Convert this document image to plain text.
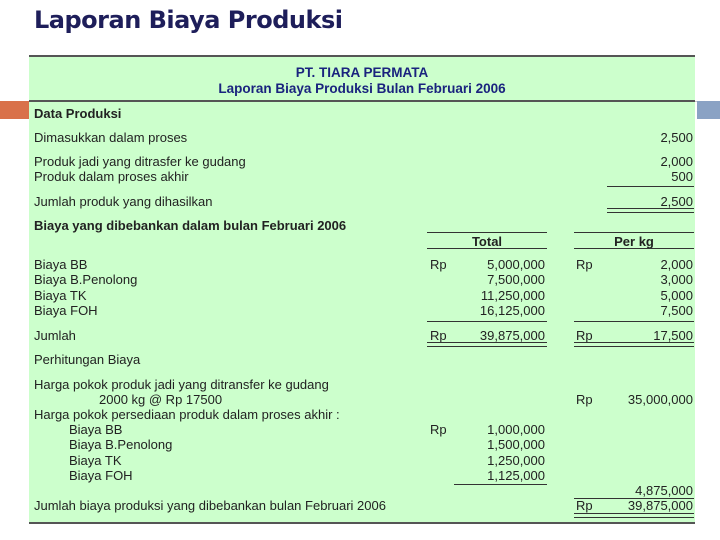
Laporan Biaya Produksi
PT. TIARA PERMATA
Laporan Biaya Produksi Bulan Februari 2006
Data Produksi
Dimasukkan dalam proses	2,500
Produk jadi yang ditrasfer ke gudang	2,000
Produk dalam proses akhir	500
Jumlah produk yang dihasilkan	2,500
Biaya yang dibebankan dalam bulan Februari 2006
Total	Per kg
Biaya BB	Rp	5,000,000 Rp	2,000
Biaya B.Penolong	7,500,000	3,000
Biaya TK	11,250,000	5,000
Biaya FOH	16,125,000	7,500
Jumlah	Rp	39,875,000 Rp	17,500
Perhitungan Biaya
Harga pokok produk jadi yang ditransfer ke gudang
2000 kg @ Rp 17500	Rp	35,000,000
Harga pokok persediaan produk dalam proses akhir :
Biaya BB	Rp	1,000,000
Biaya B.Penolong	1,500,000
Biaya TK	1,250,000
Biaya FOH	1,125,000
4,875,000
Jumlah biaya produksi yang dibebankan bulan Februari 2006	Rp	39,875,000
